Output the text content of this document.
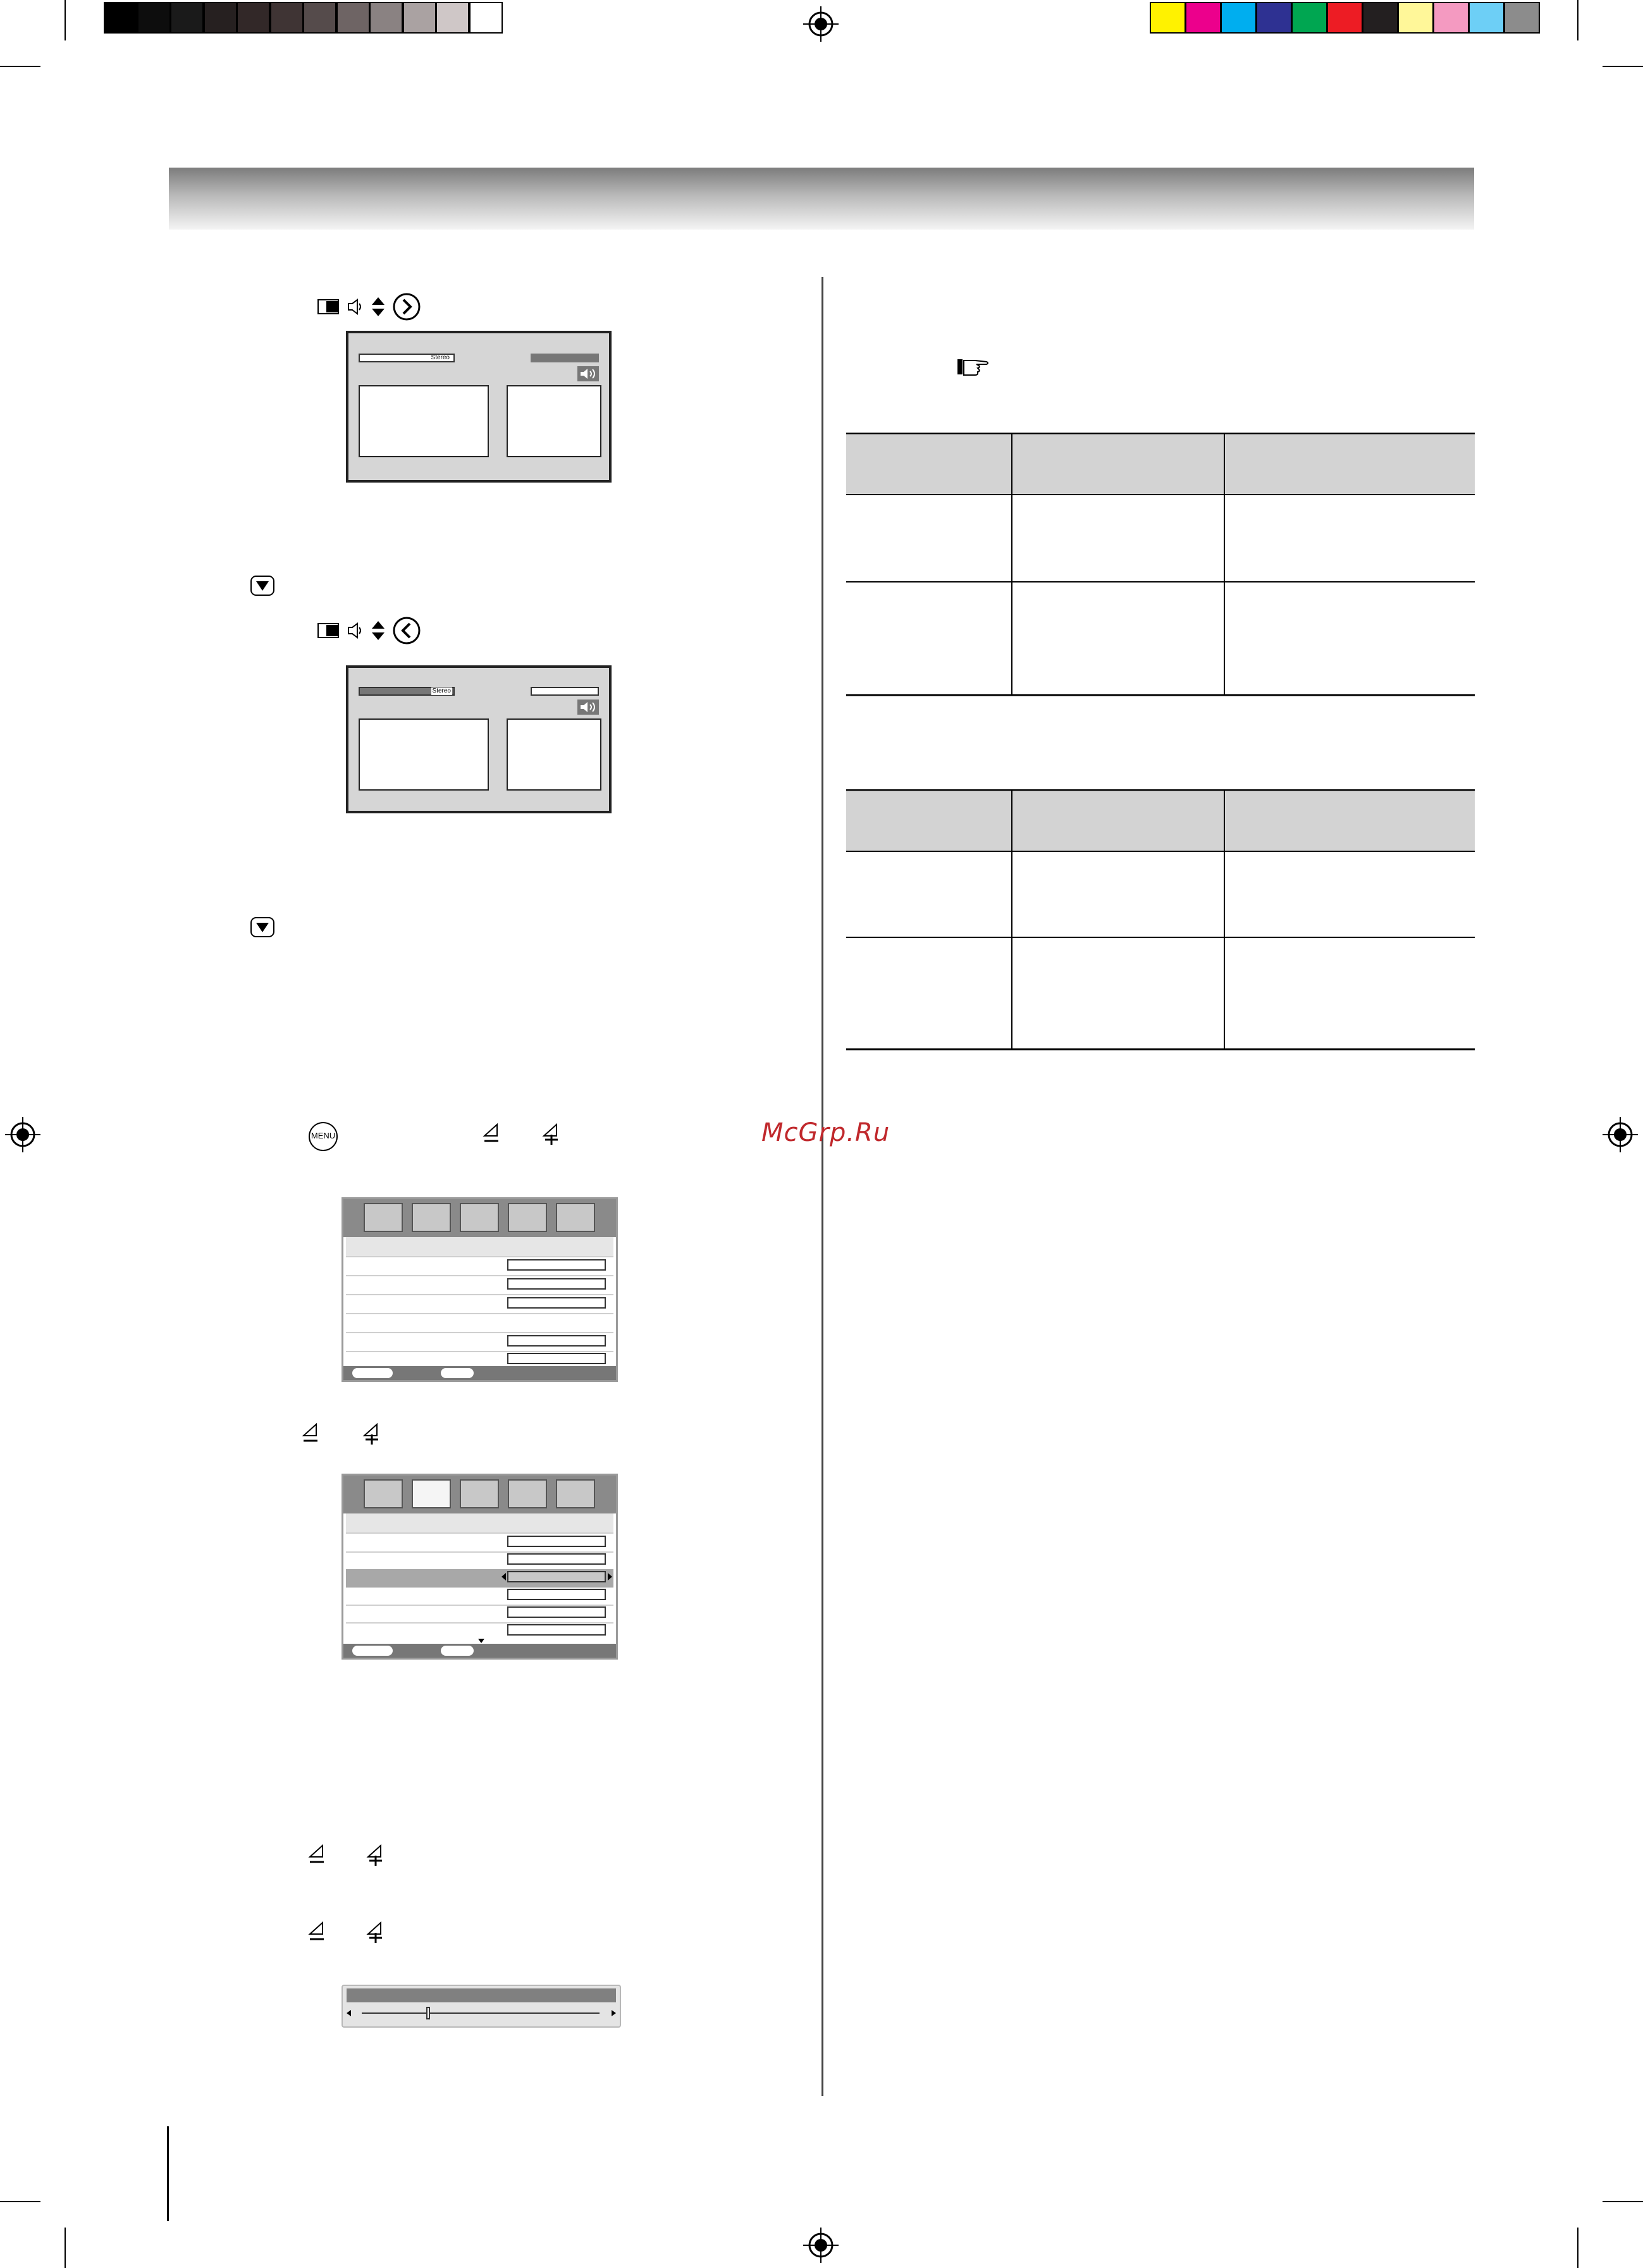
Stereo
Stereo
MENU	McGrp.Ru
